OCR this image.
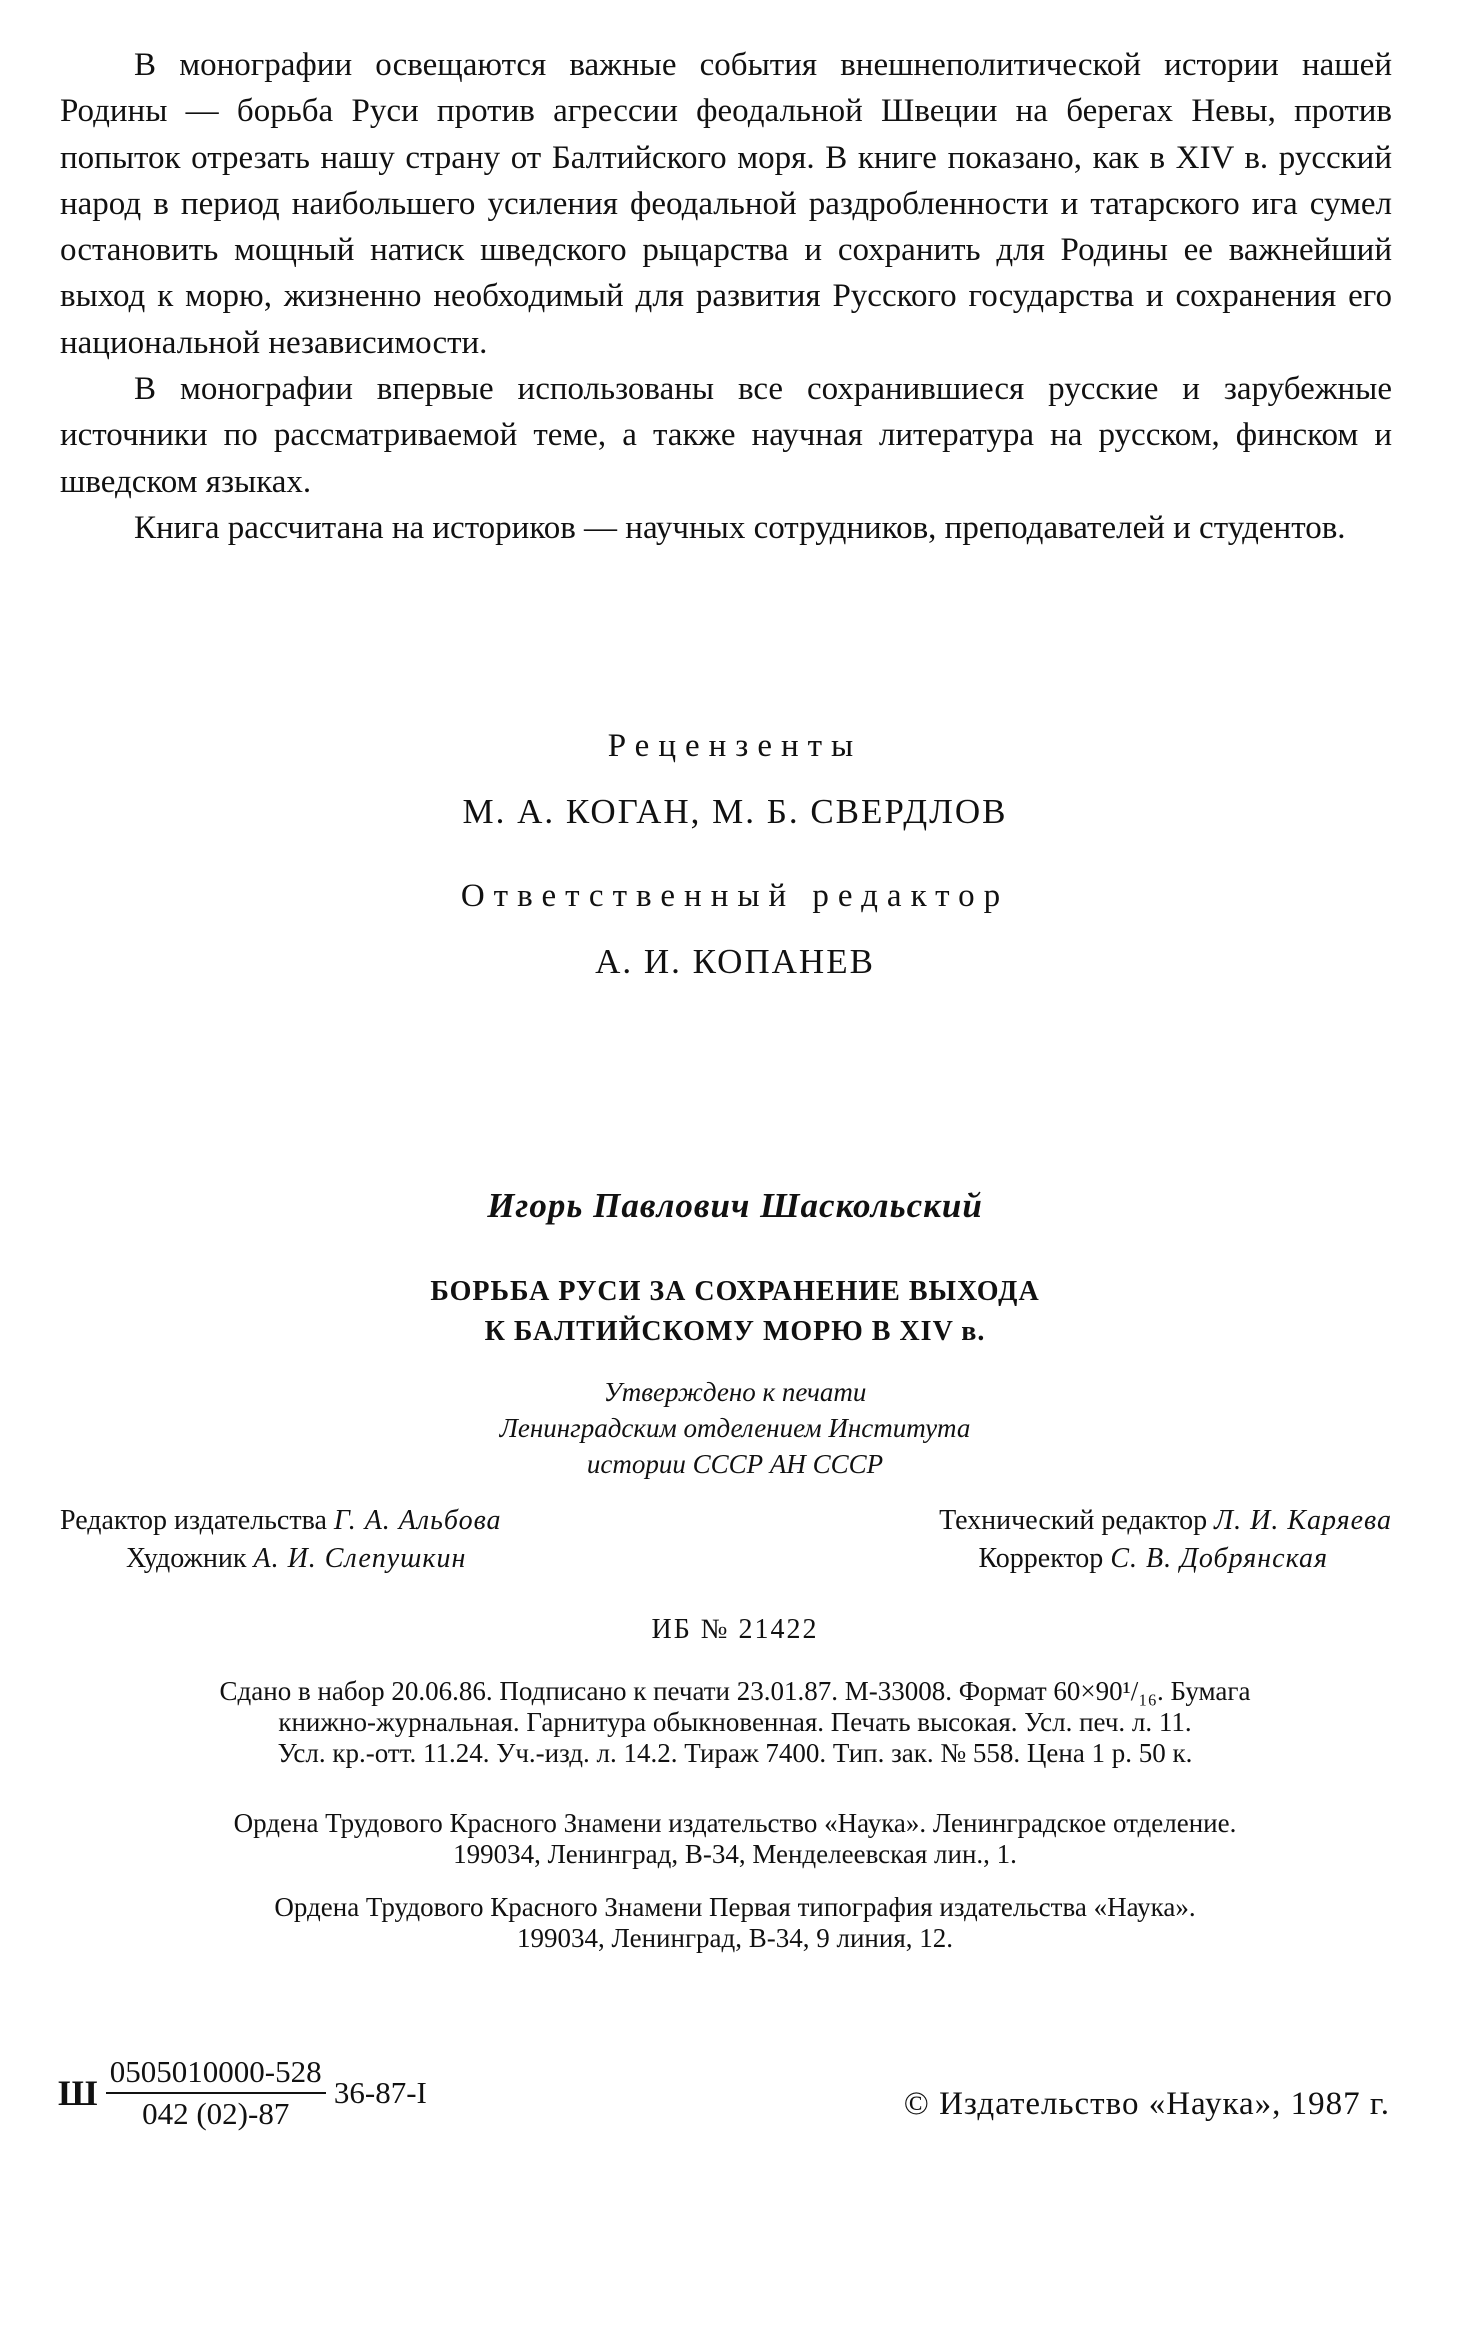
В монографии освещаются важные события внешнеполитической истории нашей Родины — борьба Руси против агрессии феодальной Швеции на берегах Невы, против попыток отрезать нашу страну от Балтийского моря. В книге показано, как в XIV в. русский народ в период наибольшего усиления феодальной раздробленности и татарского ига сумел остановить мощный натиск шведского рыцарства и сохранить для Родины ее важнейший выход к морю, жизненно необходимый для развития Русского государства и сохранения его национальной независимости.

В монографии впервые использованы все сохранившиеся русские и зарубежные источники по рассматриваемой теме, а также научная литература на русском, финском и шведском языках.

Книга рассчитана на историков — научных сотрудников, преподавателей и студентов.

Рецензенты
М. А. КОГАН, М. Б. СВЕРДЛОВ
Ответственный редактор
А. И. КОПАНЕВ
Игорь Павлович Шаскольский
БОРЬБА РУСИ ЗА СОХРАНЕНИЕ ВЫХОДА
К БАЛТИЙСКОМУ МОРЮ В XIV в.
Утверждено к печати
Ленинградским отделением Института
истории СССР АН СССР
Редактор издательства Г. А. Альбова
Художник А. И. Слепушкин
Технический редактор Л. И. Каряева
Корректор С. В. Добрянская
ИБ № 21422
Сдано в набор 20.06.86. Подписано к печати 23.01.87. М-33008. Формат 60×90¹/₁₆. Бумага
книжно-журнальная. Гарнитура обыкновенная. Печать высокая. Усл. печ. л. 11.
Усл. кр.-отт. 11.24. Уч.-изд. л. 14.2. Тираж 7400. Тип. зак. № 558. Цена 1 р. 50 к.
Ордена Трудового Красного Знамени издательство «Наука». Ленинградское отделение.
199034, Ленинград, В-34, Менделеевская лин., 1.
Ордена Трудового Красного Знамени Первая типография издательства «Наука».
199034, Ленинград, В-34, 9 линия, 12.
Ш $\frac{0505010000-528}{042 (02)-87} 36-87-I$	© Издательство «Наука», 1987 г.
